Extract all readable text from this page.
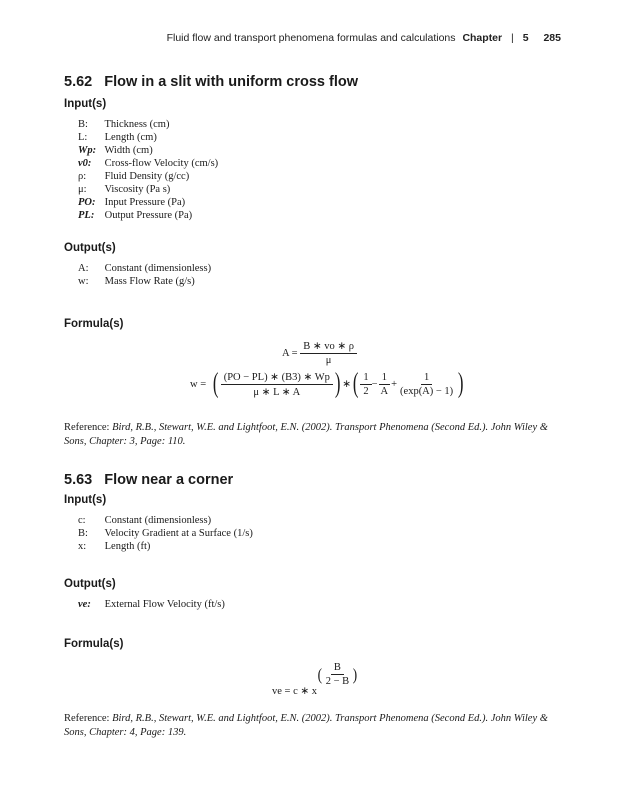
Fluid flow and transport phenomena formulas and calculations Chapter | 5 285
5.62 Flow in a slit with uniform cross flow
Input(s)
B: Thickness (cm)
L: Length (cm)
Wp: Width (cm)
v0: Cross-flow Velocity (cm/s)
ρ: Fluid Density (g/cc)
μ: Viscosity (Pa s)
PO: Input Pressure (Pa)
PL: Output Pressure (Pa)
Output(s)
A: Constant (dimensionless)
w: Mass Flow Rate (g/s)
Formula(s)
A =
$\frac{B ∗ vo ∗ \rho}{\mu}$
w =
( $\frac{(PO - PL) ∗ (B3) ∗ Wp}{\mu ∗ L ∗ A}$ ) ∗ ( $\frac{1}{2} - \frac{1}{A} + \frac{1}{(\exp(A) - 1)}$ )
Reference: Bird, R.B., Stewart, W.E. and Lightfoot, E.N. (2002). Transport Phenomena (Second Ed.). John Wiley & Sons, Chapter: 3, Page: 110.
5.63 Flow near a corner
Input(s)
c: Constant (dimensionless)
B: Velocity Gradient at a Surface (1/s)
x: Length (ft)
Output(s)
ve: External Flow Velocity (ft/s)
Formula(s)
ve = c ∗ x
( $\frac{B}{2 - B}$ )
Reference: Bird, R.B., Stewart, W.E. and Lightfoot, E.N. (2002). Transport Phenomena (Second Ed.). John Wiley & Sons, Chapter: 4, Page: 139.
